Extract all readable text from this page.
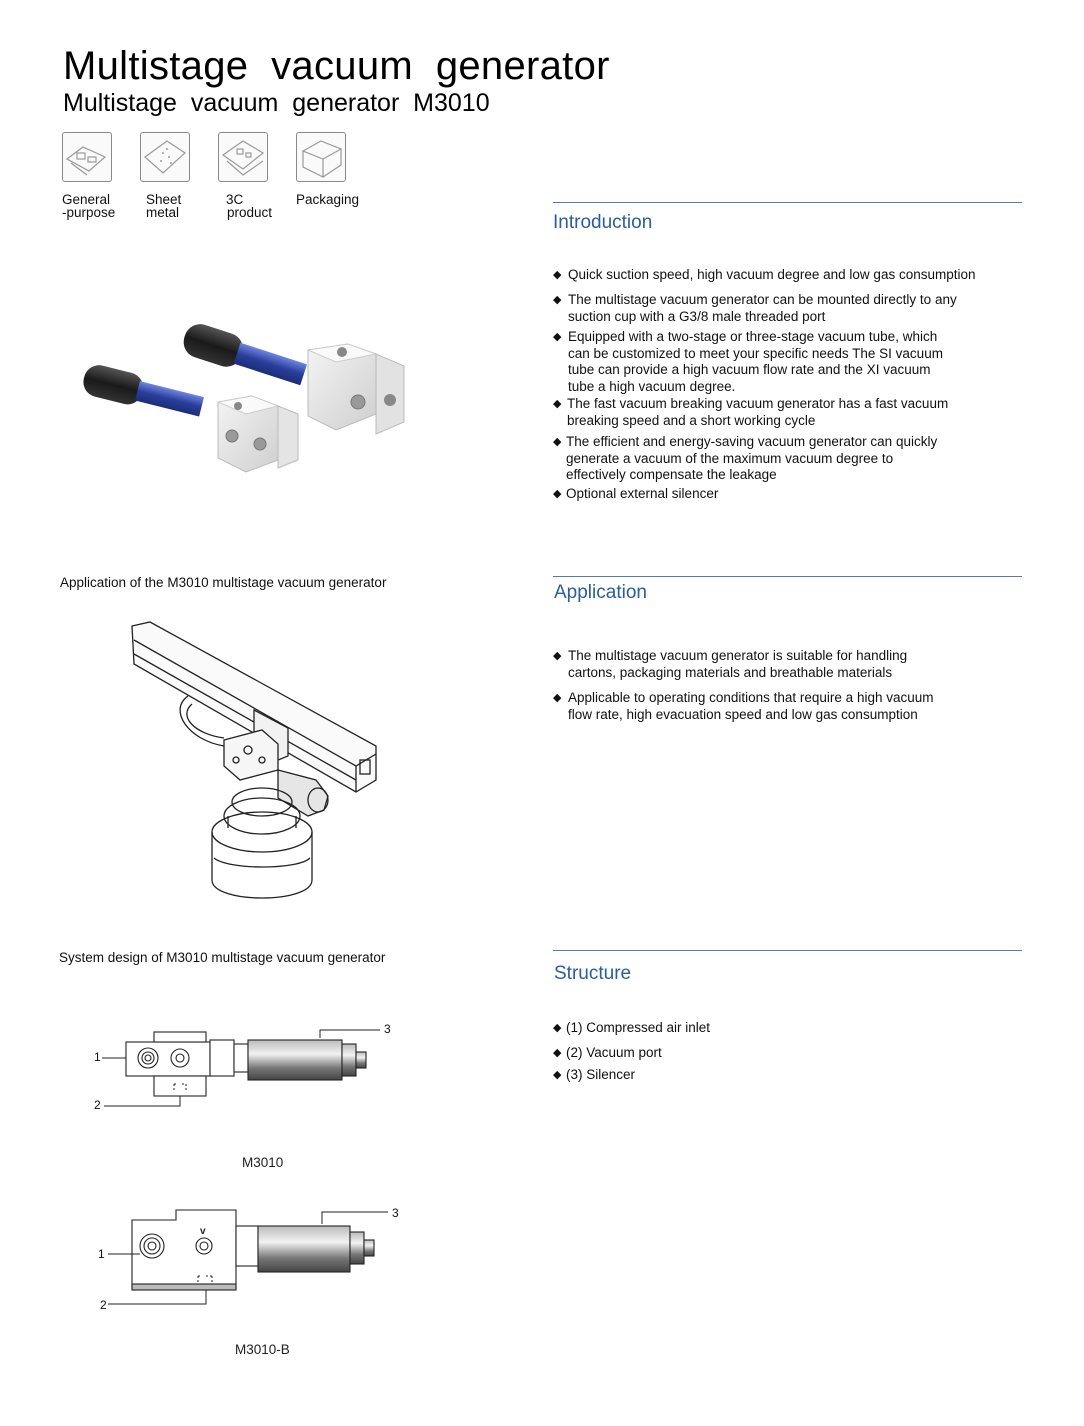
Multistage  vacuum  generator
Multistage  vacuum  generator  M3010
General
-purpose
Sheet
metal
3C
product
Packaging
Introduction
◆ Quick suction speed, high vacuum degree and low gas consumption
◆ The multistage vacuum generator can be mounted directly to any
suction cup with a G3/8 male threaded port
◆ Equipped with a two-stage or three-stage vacuum tube, which
can be customized to meet your specific needs The SI vacuum
tube can provide a high vacuum flow rate and the XI vacuum
tube a high vacuum degree.
◆ The fast vacuum breaking vacuum generator has a fast vacuum
breaking speed and a short working cycle
◆ The efficient and energy-saving vacuum generator can quickly
generate a vacuum of the maximum vacuum degree to
effectively compensate the leakage
◆ Optional external silencer
Application of the M3010 multistage vacuum generator	Application
◆ The multistage vacuum generator is suitable for handling
cartons, packaging materials and breathable materials
◆ Applicable to operating conditions that require a high vacuum
flow rate, high evacuation speed and low gas consumption
System design of M3010 multistage vacuum generator
1
2
3
M3010
v
1
2
3
M3010-B
Structure
◆ (1) Compressed air inlet
◆ (2) Vacuum port
◆ (3) Silencer
